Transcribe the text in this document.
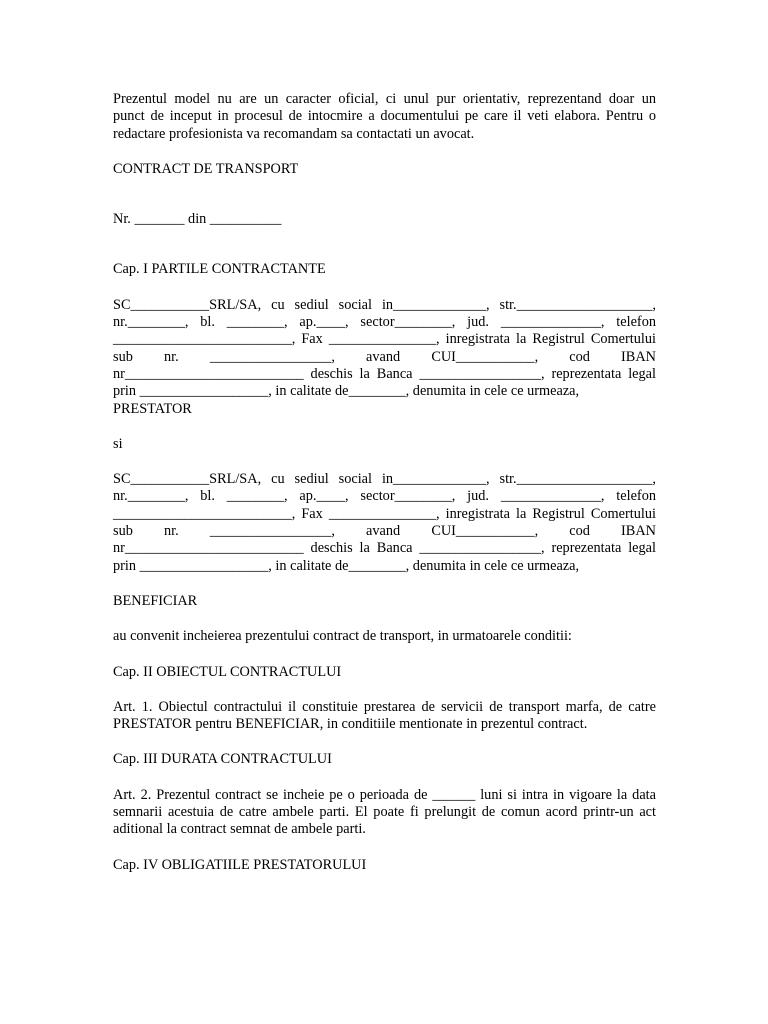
Prezentul model nu are un caracter oficial, ci unul pur orientativ, reprezentand doar un
punct de inceput in procesul de intocmire a documentului pe care il veti elabora. Pentru o
redactare profesionista va recomandam sa contactati un avocat.

CONTRACT DE TRANSPORT

Nr. _______ din __________

Cap. I PARTILE CONTRACTANTE

SC___________SRL/SA, cu sediul social in_____________, str.___________________,
nr.________, bl. ________, ap.____, sector________, jud. ______________, telefon
_________________________, Fax _______________, inregistrata la Registrul Comertului
sub nr. _________________, avand CUI___________, cod IBAN
nr_________________________ deschis la Banca _________________, reprezentata legal
prin __________________, in calitate de________, denumita in cele ce urmeaza,
PRESTATOR

si

SC___________SRL/SA, cu sediul social in_____________, str.___________________,
nr.________, bl. ________, ap.____, sector________, jud. ______________, telefon
_________________________, Fax _______________, inregistrata la Registrul Comertului
sub nr. _________________, avand CUI___________, cod IBAN
nr_________________________ deschis la Banca _________________, reprezentata legal
prin __________________, in calitate de________, denumita in cele ce urmeaza,

BENEFICIAR

au convenit incheierea prezentului contract de transport, in urmatoarele conditii:

Cap. II OBIECTUL CONTRACTULUI

Art. 1. Obiectul contractului il constituie prestarea de servicii de transport marfa, de catre
PRESTATOR pentru BENEFICIAR, in conditiile mentionate in prezentul contract.

Cap. III DURATA CONTRACTULUI

Art. 2. Prezentul contract se incheie pe o perioada de ______ luni si intra in vigoare la data
semnarii acestuia de catre ambele parti. El poate fi prelungit de comun acord printr-un act
aditional la contract semnat de ambele parti.

Cap. IV OBLIGATIILE PRESTATORULUI
